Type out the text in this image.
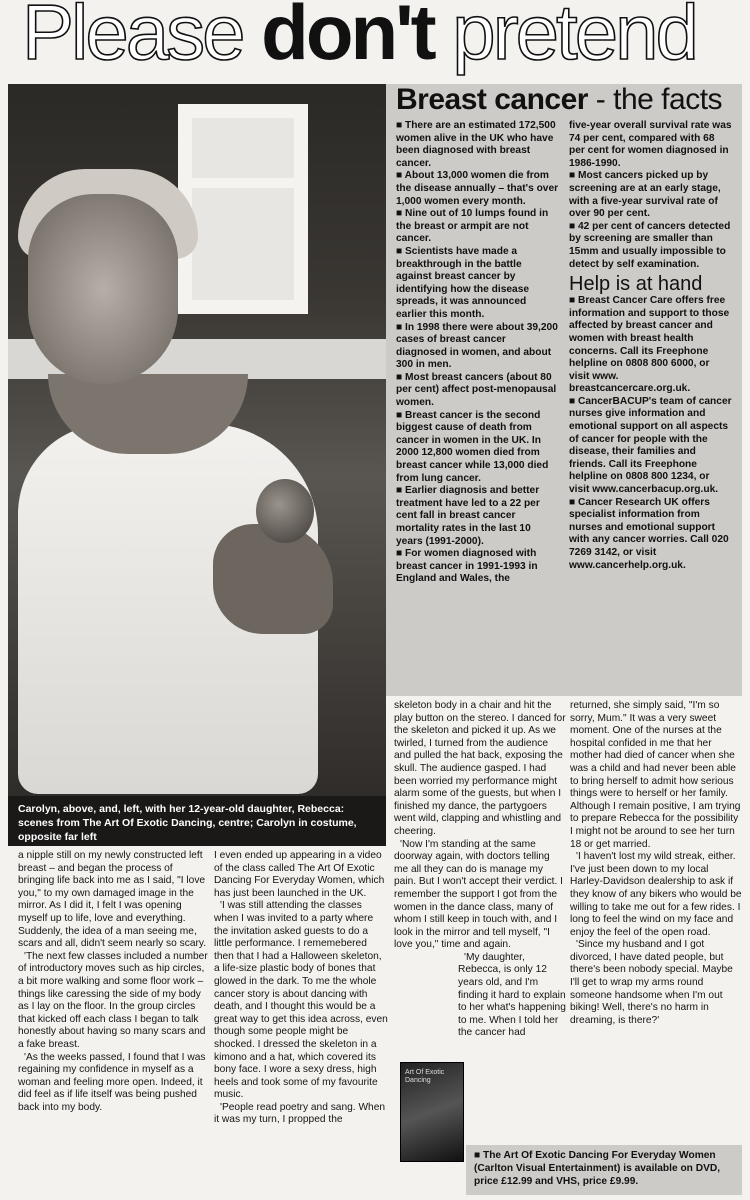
Please don't pretend
Carolyn, above, and, left, with her 12-year-old daughter, Rebecca: scenes from The Art Of Exotic Dancing, centre; Carolyn in costume, opposite far left
Breast cancer - the facts

■ There are an estimated 172,500 women alive in the UK who have been diagnosed with breast cancer.

■ About 13,000 women die from the disease annually – that's over 1,000 women every month.

■ Nine out of 10 lumps found in the breast or armpit are not cancer.

■ Scientists have made a breakthrough in the battle against breast cancer by identifying how the disease spreads, it was announced earlier this month.

■ In 1998 there were about 39,200 cases of breast cancer diagnosed in women, and about 300 in men.

■ Most breast cancers (about 80 per cent) affect post-menopausal women.

■ Breast cancer is the second biggest cause of death from cancer in women in the UK. In 2000 12,800 women died from breast cancer while 13,000 died from lung cancer.

■ Earlier diagnosis and better treatment have led to a 22 per cent fall in breast cancer mortality rates in the last 10 years (1991-2000).

■ For women diagnosed with breast cancer in 1991-1993 in England and Wales, the

five-year overall survival rate was 74 per cent, compared with 68 per cent for women diagnosed in 1986-1990.

■ Most cancers picked up by screening are at an early stage, with a five-year survival rate of over 90 per cent.

■ 42 per cent of cancers detected by screening are smaller than 15mm and usually impossible to detect by self examination.

Help is at hand

■ Breast Cancer Care offers free information and support to those affected by breast cancer and women with breast health concerns. Call its Freephone helpline on 0808 800 6000, or visit www. breastcancercare.org.uk.

■ CancerBACUP's team of cancer nurses give information and emotional support on all aspects of cancer for people with the disease, their families and friends. Call its Freephone helpline on 0808 800 1234, or visit www.cancerbacup.org.uk.

■ Cancer Research UK offers specialist information from nurses and emotional support with any cancer worries. Call 020 7269 3142, or visit www.cancerhelp.org.uk.

a nipple still on my newly constructed left breast – and began the process of bringing life back into me as I said, "I love you," to my own damaged image in the mirror. As I did it, I felt I was opening myself up to life, love and everything. Suddenly, the idea of a man seeing me, scars and all, didn't seem nearly so scary.

'The next few classes included a number of introductory moves such as hip circles, a bit more walking and some floor work – things like caressing the side of my body as I lay on the floor. In the group circles that kicked off each class I began to talk honestly about having so many scars and a fake breast.

'As the weeks passed, I found that I was regaining my confidence in myself as a woman and feeling more open. Indeed, it did feel as if life itself was being pushed back into my body.

I even ended up appearing in a video of the class called The Art Of Exotic Dancing For Everyday Women, which has just been launched in the UK.

'I was still attending the classes when I was invited to a party where the invitation asked guests to do a little performance. I rememebered then that I had a Halloween skeleton, a life-size plastic body of bones that glowed in the dark. To me the whole cancer story is about dancing with death, and I thought this would be a great way to get this idea across, even though some people might be shocked. I dressed the skeleton in a kimono and a hat, which covered its bony face. I wore a sexy dress, high heels and took some of my favourite music.

'People read poetry and sang. When it was my turn, I propped the

skeleton body in a chair and hit the play button on the stereo. I danced for the skeleton and picked it up. As we twirled, I turned from the audience and pulled the hat back, exposing the skull. The audience gasped. I had been worried my performance might alarm some of the guests, but when I finished my dance, the partygoers went wild, clapping and whistling and cheering.

'Now I'm standing at the same doorway again, with doctors telling me all they can do is manage my pain. But I won't accept their verdict. I remember the support I got from the women in the dance class, many of whom I still keep in touch with, and I look in the mirror and tell myself, "I love you," time and again.

'My daughter, Rebecca, is only 12 years old, and I'm finding it hard to explain to her what's happening to me. When I told her the cancer had

returned, she simply said, "I'm so sorry, Mum." It was a very sweet moment. One of the nurses at the hospital confided in me that her mother had died of cancer when she was a child and had never been able to bring herself to admit how serious things were to herself or her family. Although I remain positive, I am trying to prepare Rebecca for the possibility I might not be around to see her turn 18 or get married.

'I haven't lost my wild streak, either. I've just been down to my local Harley-Davidson dealership to ask if they know of any bikers who would be willing to take me out for a few rides. I long to feel the wind on my face and enjoy the feel of the open road.

'Since my husband and I got divorced, I have dated people, but there's been nobody special. Maybe I'll get to wrap my arms round someone handsome when I'm out biking! Well, there's no harm in dreaming, is there?'

Art Of Exotic Dancing

■ The Art Of Exotic Dancing For Everyday Women (Carlton Visual Entertainment) is available on DVD, price £12.99 and VHS, price £9.99.
